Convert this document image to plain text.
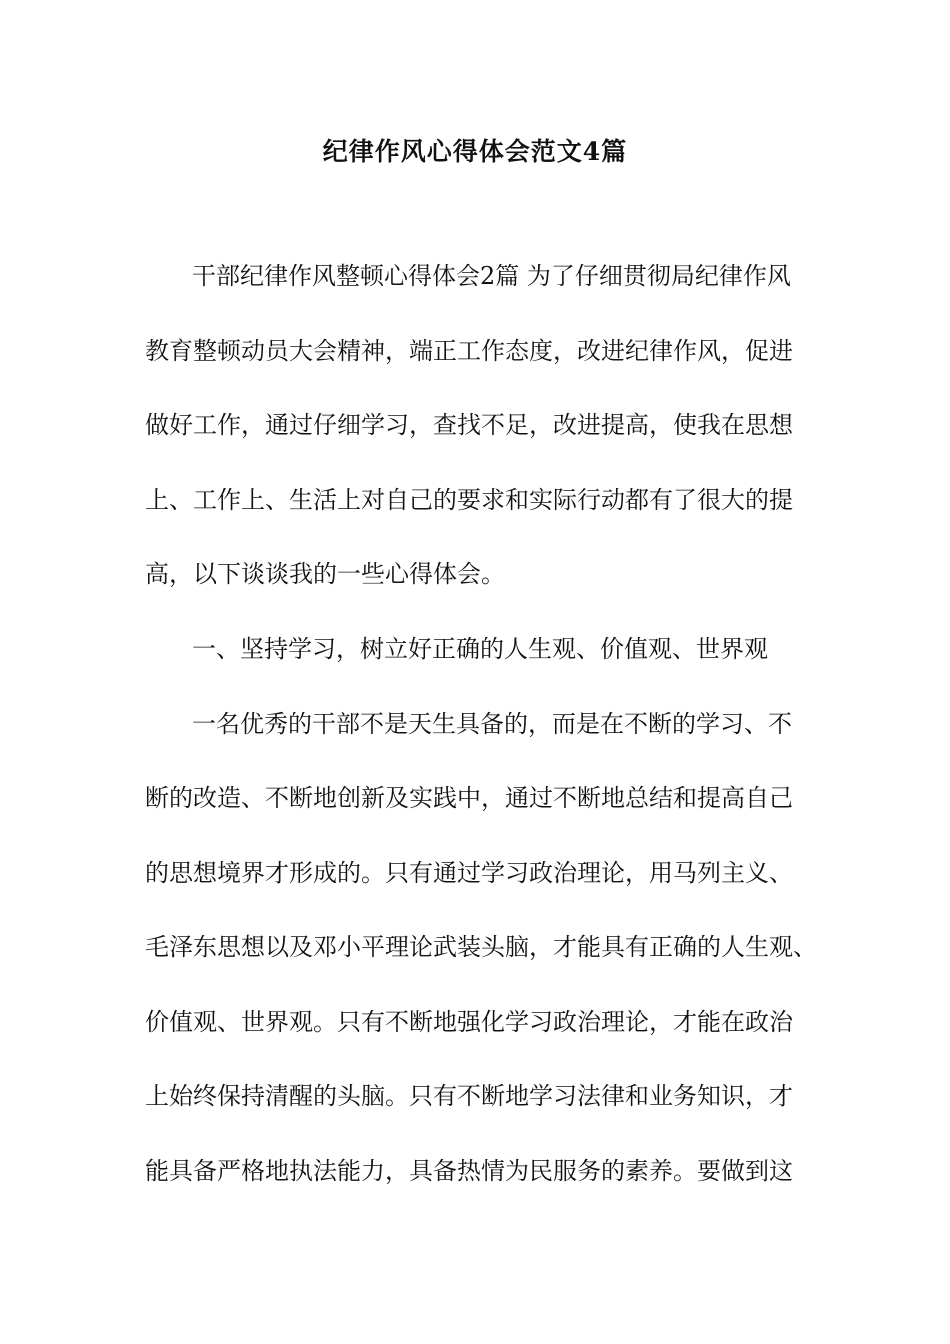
纪律作风心得体会范文4篇
干部纪律作风整顿心得体会2篇 为了仔细贯彻局纪律作风
教育整顿动员大会精神，端正工作态度，改进纪律作风，促进
做好工作，通过仔细学习，查找不足，改进提高，使我在思想
上、工作上、生活上对自己的要求和实际行动都有了很大的提
高，以下谈谈我的一些心得体会。
一、坚持学习，树立好正确的人生观、价值观、世界观
一名优秀的干部不是天生具备的，而是在不断的学习、不
断的改造、不断地创新及实践中，通过不断地总结和提高自己
的思想境界才形成的。只有通过学习政治理论，用马列主义、
毛泽东思想以及邓小平理论武装头脑，才能具有正确的人生观、
价值观、世界观。只有不断地强化学习政治理论，才能在政治
上始终保持清醒的头脑。只有不断地学习法律和业务知识，才
能具备严格地执法能力，具备热情为民服务的素养。要做到这
